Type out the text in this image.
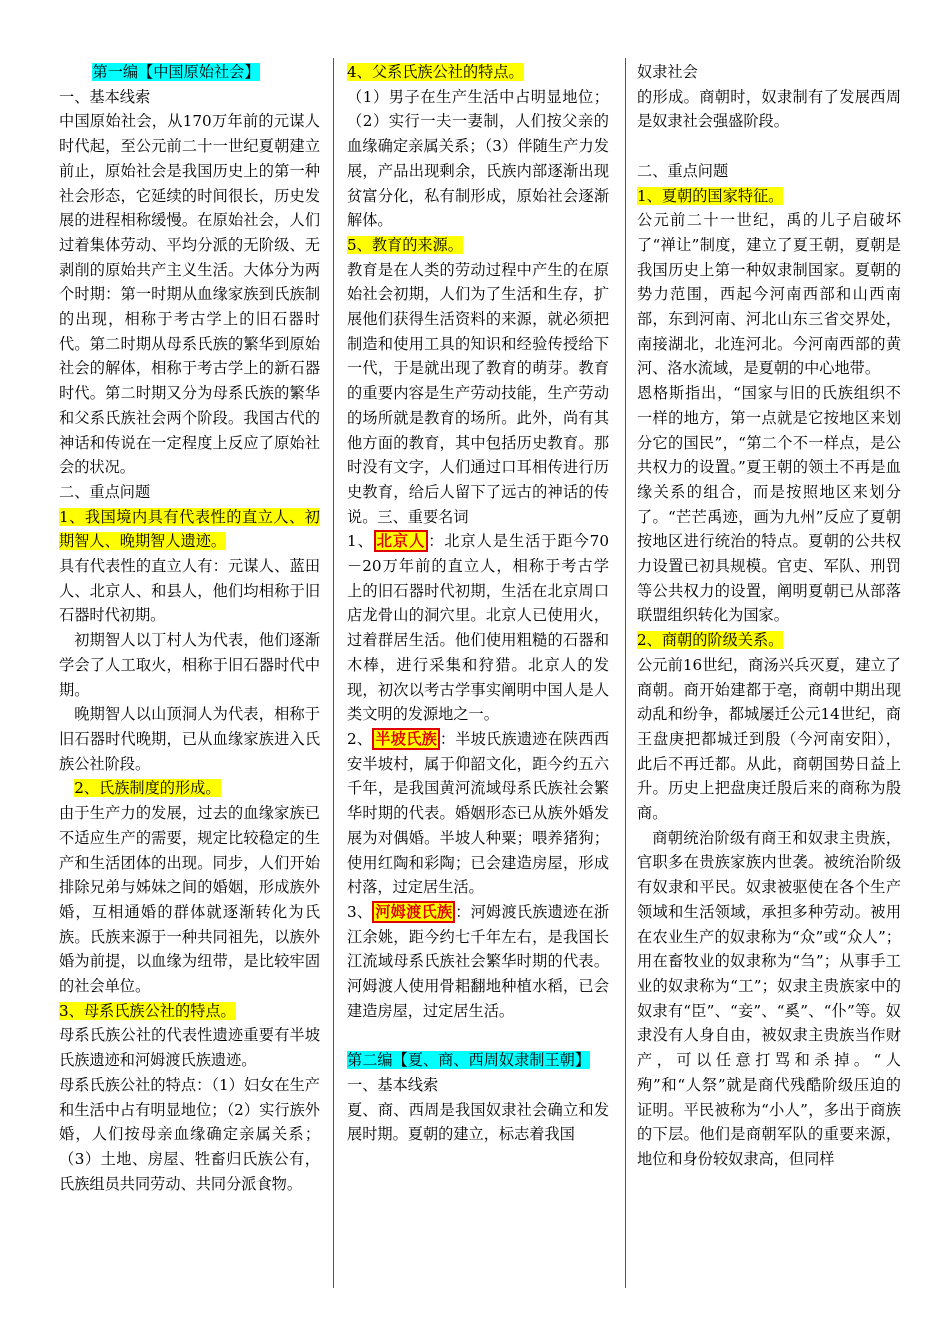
第一编【中国原始社会】

一、基本线索

中国原始社会，从170万年前的元谋人时代起，至公元前二十一世纪夏朝建立前止，原始社会是我国历史上的第一种社会形态，它延续的时间很长，历史发展的进程相称缓慢。在原始社会，人们过着集体劳动、平均分派的无阶级、无剥削的原始共产主义生活。大体分为两个时期：第一时期从血缘家族到氏族制的出现，相称于考古学上的旧石器时代。第二时期从母系氏族的繁华到原始社会的解体，相称于考古学上的新石器时代。第二时期又分为母系氏族的繁华和父系氏族社会两个阶段。我国古代的神话和传说在一定程度上反应了原始社会的状况。

二、重点问题

1、我国境内具有代表性的直立人、初期智人、晚期智人遗迹。

具有代表性的直立人有：元谋人、蓝田人、北京人、和县人，他们均相称于旧石器时代初期。

初期智人以丁村人为代表，他们逐渐学会了人工取火，相称于旧石器时代中期。

晚期智人以山顶洞人为代表，相称于旧石器时代晚期，已从血缘家族进入氏族公社阶段。

2、氏族制度的形成。

由于生产力的发展，过去的血缘家族已不适应生产的需要，规定比较稳定的生产和生活团体的出现。同步，人们开始排除兄弟与姊妹之间的婚姻，形成族外婚，互相通婚的群体就逐渐转化为氏族。氏族来源于一种共同祖先，以族外婚为前提，以血缘为纽带，是比较牢固的社会单位。

3、母系氏族公社的特点。

母系氏族公社的代表性遗迹重要有半坡氏族遗迹和河姆渡氏族遗迹。

母系氏族公社的特点：（1）妇女在生产和生活中占有明显地位；（2）实行族外婚，人们按母亲血缘确定亲属关系；（3）土地、房屋、牲畜归氏族公有，氏族组员共同劳动、共同分派食物。

4、父系氏族公社的特点。

（1）男子在生产生活中占明显地位；（2）实行一夫一妻制，人们按父亲的血缘确定亲属关系；（3）伴随生产力发展，产品出现剩余，氏族内部逐渐出现贫富分化，私有制形成，原始社会逐渐解体。

5、教育的来源。

教育是在人类的劳动过程中产生的在原始社会初期，人们为了生活和生存，扩展他们获得生活资料的来源，就必须把制造和使用工具的知识和经验传授给下一代，于是就出现了教育的萌芽。教育的重要内容是生产劳动技能，生产劳动的场所就是教育的场所。此外，尚有其他方面的教育，其中包括历史教育。那时没有文字，人们通过口耳相传进行历史教育，给后人留下了远古的神话的传说。三、重要名词

1、 北京人 ：北京人是生活于距今70－20万年前的直立人，相称于考古学上的旧石器时代初期，生活在北京周口店龙骨山的洞穴里。北京人已使用火，过着群居生活。他们使用粗糙的石器和木棒，进行采集和狩猎。北京人的发现，初次以考古学事实阐明中国人是人类文明的发源地之一。

2、 半坡氏族 ：半坡氏族遗迹在陕西西安半坡村，属于仰韶文化，距今约五六千年，是我国黄河流域母系氏族社会繁华时期的代表。婚姻形态已从族外婚发展为对偶婚。半坡人种粟；喂养猪狗；使用红陶和彩陶；已会建造房屋，形成村落，过定居生活。

3、 河姆渡氏族 ：河姆渡氏族遗迹在浙江余姚，距今约七千年左右，是我国长江流域母系氏族社会繁华时期的代表。河姆渡人使用骨耜翻地种植水稻，已会建造房屋，过定居生活。

第二编【夏、商、西周奴隶制王朝】

一、基本线索

夏、商、西周是我国奴隶社会确立和发展时期。夏朝的建立，标志着我国

奴隶社会

的形成。商朝时，奴隶制有了发展西周是奴隶社会强盛阶段。

二、重点问题

1、夏朝的国家特征。

公元前二十一世纪，禹的儿子启破坏了“禅让”制度，建立了夏王朝，夏朝是我国历史上第一种奴隶制国家。夏朝的势力范围，西起今河南西部和山西南部，东到河南、河北山东三省交界处，南接湖北，北连河北。今河南西部的黄河、洛水流域，是夏朝的中心地带。

恩格斯指出，“国家与旧的氏族组织不一样的地方，第一点就是它按地区来划分它的国民”，“第二个不一样点，是公共权力的设置。”夏王朝的领土不再是血缘关系的组合，而是按照地区来划分了。“芒芒禹迹，画为九州”反应了夏朝按地区进行统治的特点。夏朝的公共权力设置已初具规模。官吏、军队、刑罚等公共权力的设置，阐明夏朝已从部落联盟组织转化为国家。

2、商朝的阶级关系。

公元前16世纪，商汤兴兵灭夏，建立了商朝。商开始建都于亳，商朝中期出现动乱和纷争，都城屡迁公元14世纪，商王盘庚把都城迁到殷（今河南安阳），此后不再迁都。从此，商朝国势日益上升。历史上把盘庚迁殷后来的商称为殷商。

商朝统治阶级有商王和奴隶主贵族，官职多在贵族家族内世袭。被统治阶级有奴隶和平民。奴隶被驱使在各个生产领域和生活领域，承担多种劳动。被用在农业生产的奴隶称为“众”或“众人”；用在畜牧业的奴隶称为“刍”；从事手工业的奴隶称为“工”；奴隶主贵族家中的奴隶有“臣”、“妾”、“奚”、“仆”等。奴隶没有人身自由，被奴隶主贵族当作财产，可以任意打骂和杀掉。“人殉”和“人祭”就是商代残酷阶级压迫的证明。平民被称为“小人”，多出于商族的下层。他们是商朝军队的重要来源，地位和身份较奴隶高，但同样
